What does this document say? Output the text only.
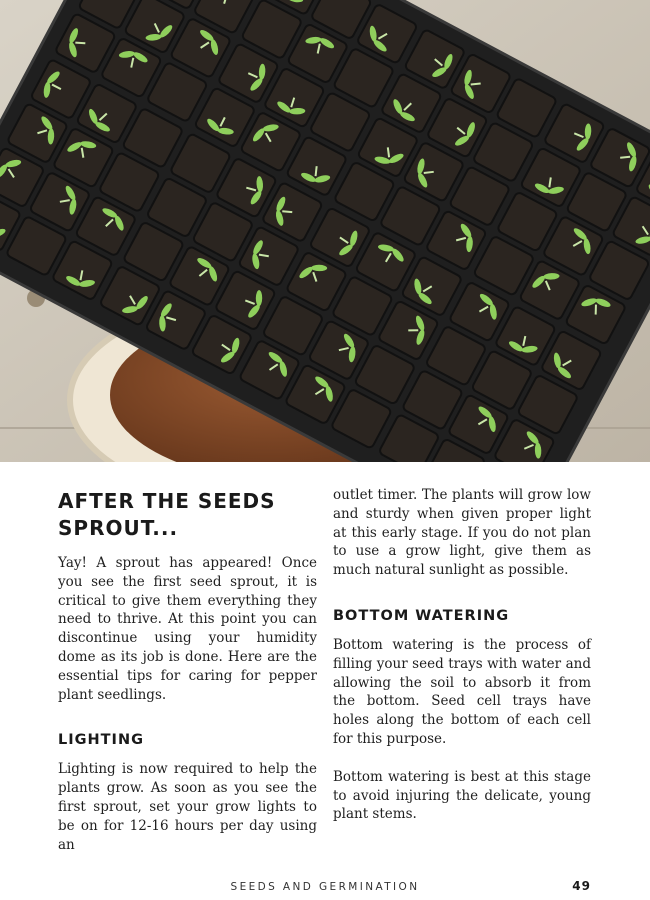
AFTER THE SEEDS SPROUT...

Yay! A sprout has appeared! Once you see the first seed sprout, it is critical to give them everything they need to thrive. At this point you can discontinue using your humidity dome as its job is done. Here are the essential tips for caring for pepper plant seedlings.

LIGHTING

Lighting is now required to help the plants grow. As soon as you see the first sprout, set your grow lights to be on for 12-16 hours per day using an

outlet timer. The plants will grow low and sturdy when given proper light at this early stage. If you do not plan to use a grow light, give them as much natural sunlight as possible.

BOTTOM WATERING

Bottom watering is the process of filling your seed trays with water and allowing the soil to absorb it from the bottom. Seed cell trays have holes along the bottom of each cell for this purpose.

Bottom watering is best at this stage to avoid injuring the delicate, young plant stems.

SEEDS AND GERMINATION	49
